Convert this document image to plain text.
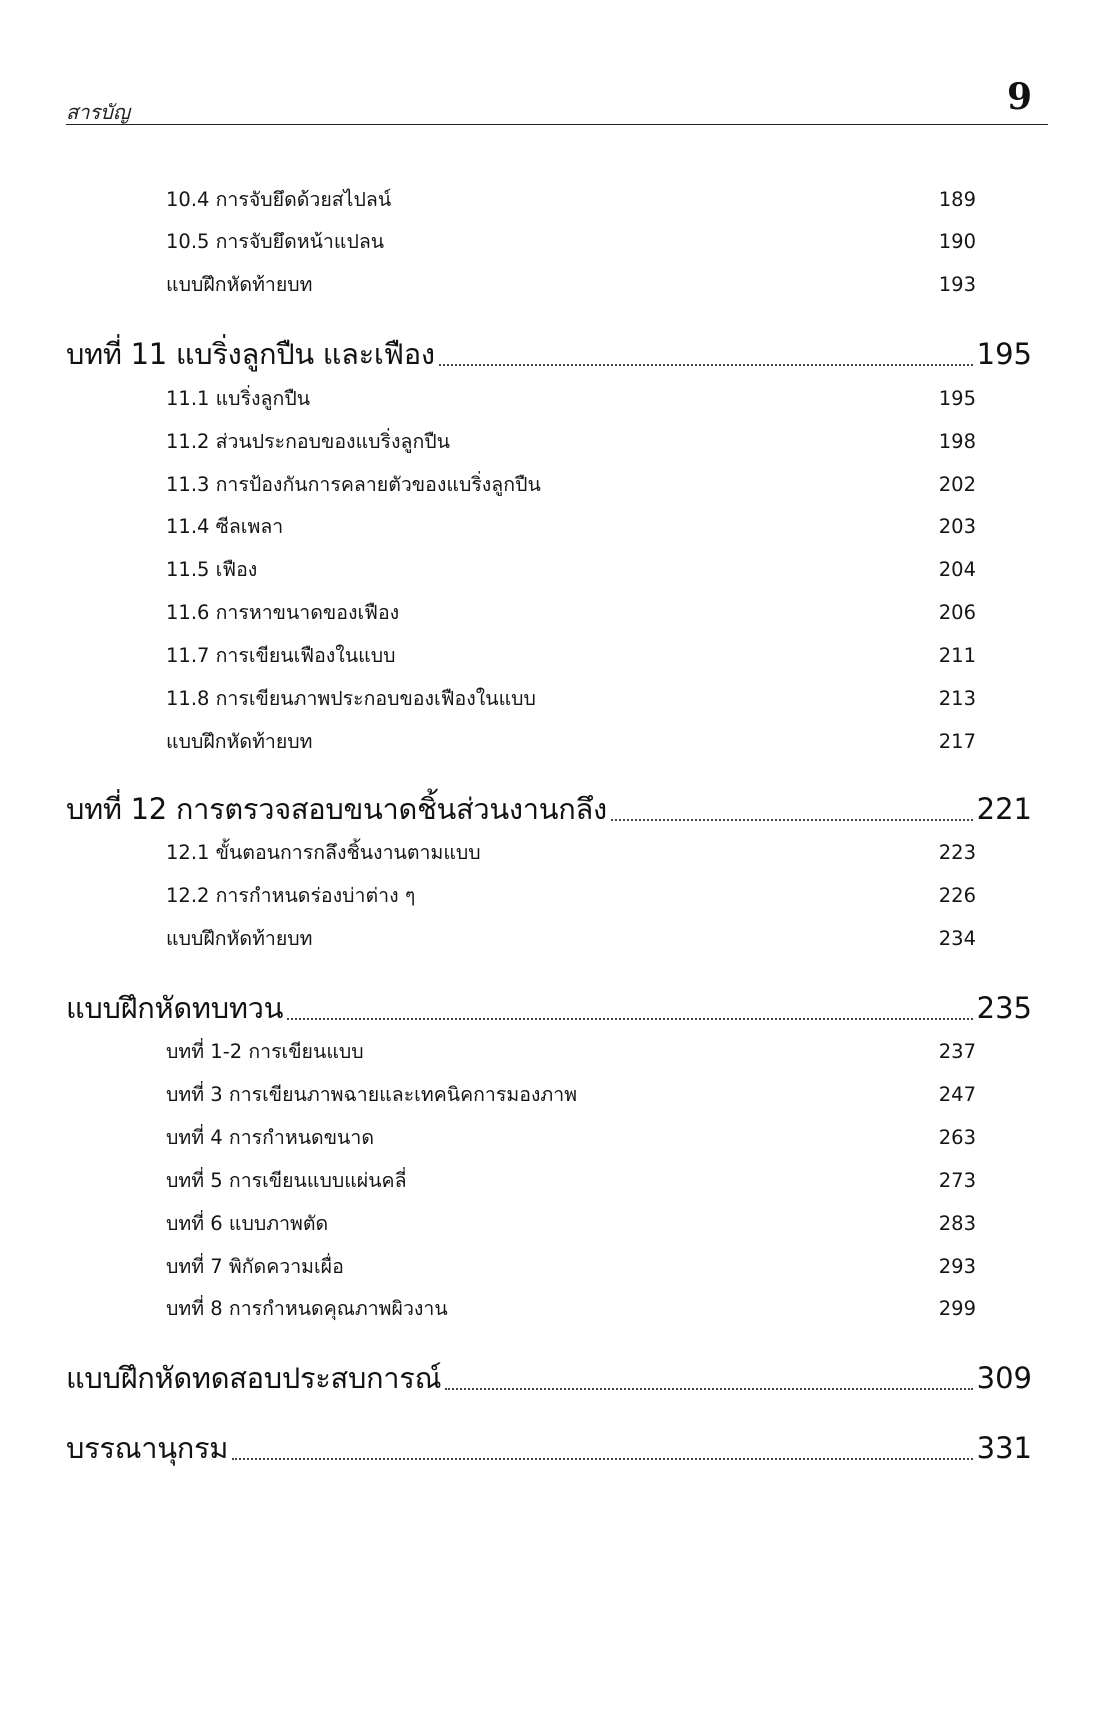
สารบัญ	9
10.4 การจับยึดด้วยสไปลน์	189
10.5 การจับยึดหน้าแปลน	190
แบบฝึกหัดท้ายบท	193
บทที่ 11 แบริ่งลูกปืน และเฟือง	195
11.1 แบริ่งลูกปืน	195
11.2 ส่วนประกอบของแบริ่งลูกปืน	198
11.3 การป้องกันการคลายตัวของแบริ่งลูกปืน	202
11.4 ซีลเพลา	203
11.5 เฟือง	204
11.6 การหาขนาดของเฟือง	206
11.7 การเขียนเฟืองในแบบ	211
11.8 การเขียนภาพประกอบของเฟืองในแบบ	213
แบบฝึกหัดท้ายบท	217
บทที่ 12 การตรวจสอบขนาดชิ้นส่วนงานกลึง	221
12.1 ขั้นตอนการกลึงชิ้นงานตามแบบ	223
12.2 การกำหนดร่องบ่าต่าง ๆ	226
แบบฝึกหัดท้ายบท	234
แบบฝึกหัดทบทวน	235
บทที่ 1-2 การเขียนแบบ	237
บทที่ 3 การเขียนภาพฉายและเทคนิคการมองภาพ	247
บทที่ 4 การกำหนดขนาด	263
บทที่ 5 การเขียนแบบแผ่นคลี่	273
บทที่ 6 แบบภาพตัด	283
บทที่ 7 พิกัดความเผื่อ	293
บทที่ 8 การกำหนดคุณภาพผิวงาน	299
แบบฝึกหัดทดสอบประสบการณ์	309
บรรณานุกรม	331
